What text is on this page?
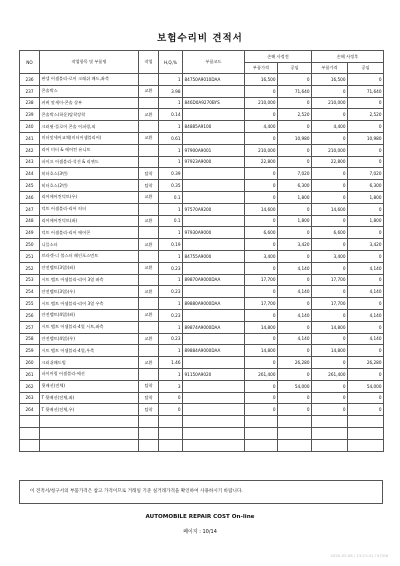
보험수리비 견적서
NO	작업항목 및 부품명	작업	H,Q,%	부품코드	손해 사정전		손해 사정후	
					부품가격	공임	부품가격	공임
236	판넬 어셈블리-로어 크래쉬 패드,좌측		1	84750A9010DAA	16,500	0	16,500	0
237	콘솔박스	교환	3.98		0	71,640	0	71,640
238	커버 앗세이-콘솔 상부		1	846D0A9270BYS	210,000	0	210,000	0
239	콘솔박스(하운)탈착장착	교환	0.14		0	2,520	0	2,520
240	크러핏-플로어 콘솔 어퍼링,외		1	84885A9100	4,400	0	4,400	0
241	미터앗세어교체(미터어셈블리어)	교환	0.61		0	10,980	0	10,980
242	리어 미터 & 에어컨 유니트		1	97900A9001	210,000	0	210,000	0
243	파이프 어셈블리-석션 & 리퀴드		1	97923A9000	22,800	0	22,800	0
244	히터호스(3번)	탈착	0.39		0	7,020	0	7,020
245	히터호스(2번)	탈착	0.35		0	6,300	0	6,300
246	리어에어컨덕트(우)	교환	0.1		0	1,800	0	1,800
247	덕트 어셈블리-리어 히터		1	97570A9200	14,600	0	14,600	0
248	리어에어컨덕트(좌)	교환	0.1		0	1,800	0	1,800
249	덕트 어셈블리-리어 에어콘		1	97930A9000	6,600	0	6,600	0
250	니플소터	교환	0.19		0	3,420	0	3,420
251	브라켓-너 볼스터 레인포스먼트		1	84755A9000	3,400	0	3,400	0
252	안전벨트(3열)(좌)	교환	0.23		0	4,140	0	4,140
253	시트 벨트 어셈블리-리어 3열 좌측		1	89870A9000DAA	17,700	0	17,700	0
254	안전벨트(3열)(우)	교환	0.23		0	4,140	0	4,140
255	시트 벨트 어셈블리-리어 3열 우측		1	89880A9000DAA	17,700	0	17,700	0
256	안전벨트(4열)(좌)	교환	0.23		0	4,140	0	4,140
257	시트 벨트 어셈블리-4열 시트,좌측		1	89874A9000DAA	14,800	0	14,800	0
258	안전벨트(4열)(우)	교환	0.23		0	4,140	0	4,140
259	시트 벨트 어셈블리-4열,우측		1	89884A9000DAA	14,800	0	14,800	0
260	크러쉬패드빔	교환	1.46		0	26,280	0	26,280
261	파이어링 어셈블리-에선		1	91150A9020	261,400	0	261,400	0
262	뒷배선(전체)	탈착	3		0	54,000	0	54,000
263	T 뒷배선(전체,좌)	탈착	0		0	0	0	0
264	T 뒷배선(전체,우)	탈착	0		0	0	0	0

이 견적서/청구서의 부품가격은 참고 가격이므로 거래일 기준 실거래가격을 확인하여 사용하시기 바랍니다.
AUTOMOBILE REPAIR COST On-line
페이지 : 10/14
2020-03-06 / 13:21:41 / 07/06
